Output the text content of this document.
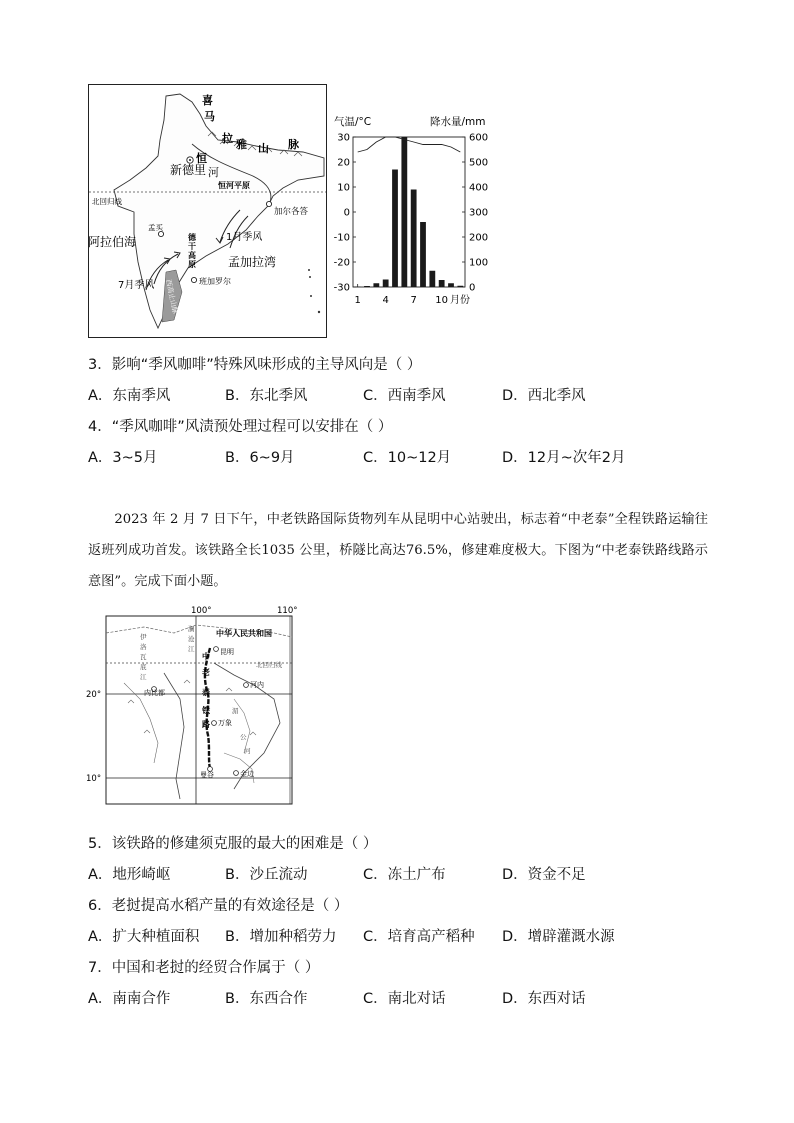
喜
马
拉 雅 山 脉
恒
河
新德里
恒河平原
北回归线
加尔各答
孟买
阿拉伯海	德
干
高
原
1月季风
孟加拉湾
7月季风	班加罗尔
西高止山脉
气温/°C	降水量/mm
30
20
10
0
-10
-20
-30
600
500
400
300
200
100
0
1 4 7 10 月份
3．影响“季风咖啡”特殊风味形成的主导风向是（ ）
A．东南季风	B．东北季风	C．西南季风	D．西北季风
4．“季风咖啡”风渍预处理过程可以安排在（ ）
A．3~5月	B．6~9月	C．10~12月	D．12月~次年2月

2023 年 2 月 7 日下午，中老铁路国际货物列车从昆明中心站驶出，标志着“中老泰”全程铁路运输往返班列成功首发。该铁路全长1035 公里，桥隧比高达76.5%，修建难度极大。下图为“中老泰铁路线路示意图”。完成下面小题。

100°	110°
20°
10°
中华人民共和国
昆明
北回归线
内比都
河内
万象
曼谷	金边
中
老
泰
铁
路
澜
沧
江
湄
公
河
伊
洛
瓦
底
江
5．该铁路的修建须克服的最大的困难是（ ）
A．地形崎岖	B．沙丘流动	C．冻土广布	D．资金不足
6．老挝提高水稻产量的有效途径是（ ）
A．扩大种植面积 B．增加种稻劳力 C．培育高产稻种 D．增辟灌溉水源
7．中国和老挝的经贸合作属于（ ）
A．南南合作	B．东西合作	C．南北对话	D．东西对话
